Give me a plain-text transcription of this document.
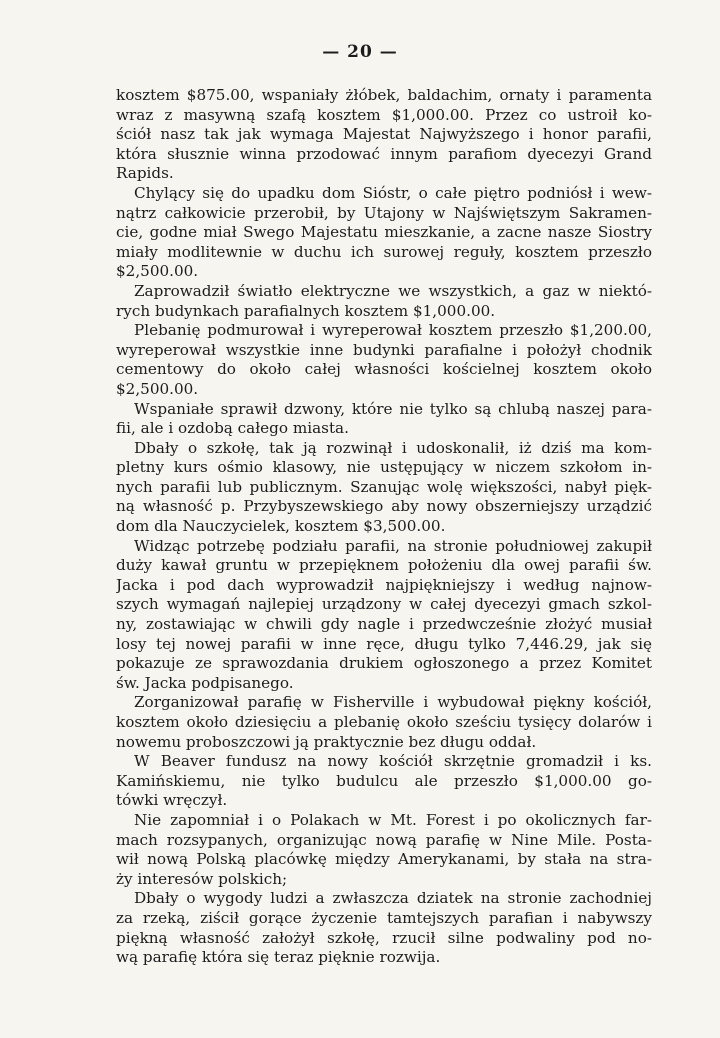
— 20 —
kosztem $875.00, wspaniały żłóbek, baldachim, ornaty i paramenta
wraz z masywną szafą kosztem $1,000.00. Przez co ustroił ko-
ściół nasz tak jak wymaga Majestat Najwyższego i honor parafii,
która słusznie winna przodować innym parafiom dyecezyi Grand
Rapids.
Chylący się do upadku dom Sióstr, o całe piętro podniósł i wew-
nątrz całkowicie przerobił, by Utajony w Najświętszym Sakramen-
cie, godne miał Swego Majestatu mieszkanie, a zacne nasze Siostry
miały modlitewnie w duchu ich surowej reguły, kosztem przeszło
$2,500.00.
Zaprowadził światło elektryczne we wszystkich, a gaz w niektó-
rych budynkach parafialnych kosztem $1,000.00.
Plebanię podmurował i wyreperował kosztem przeszło $1,200.00,
wyreperował wszystkie inne budynki parafialne i położył chodnik
cementowy do około całej własności kościelnej kosztem około
$2,500.00.
Wspaniałe sprawił dzwony, które nie tylko są chlubą naszej para-
fii, ale i ozdobą całego miasta.
Dbały o szkołę, tak ją rozwinął i udoskonalił, iż dziś ma kom-
pletny kurs ośmio klasowy, nie ustępujący w niczem szkołom in-
nych parafii lub publicznym. Szanując wolę większości, nabył pięk-
ną własność p. Przybyszewskiego aby nowy obszerniejszy urządzić
dom dla Nauczycielek, kosztem $3,500.00.
Widząc potrzebę podziału parafii, na stronie południowej zakupił
duży kawał gruntu w przepięknem położeniu dla owej parafii św.
Jacka i pod dach wyprowadził najpiękniejszy i według najnow-
szych wymagań najlepiej urządzony w całej dyecezyi gmach szkol-
ny, zostawiając w chwili gdy nagle i przedwcześnie złożyć musiał
losy tej nowej parafii w inne ręce, długu tylko 7,446.29, jak się
pokazuje ze sprawozdania drukiem ogłoszonego a przez Komitet
św. Jacka podpisanego.
Zorganizował parafię w Fisherville i wybudował piękny kościół,
kosztem około dziesięciu a plebanię około sześciu tysięcy dolarów i
nowemu proboszczowi ją praktycznie bez długu oddał.
W Beaver fundusz na nowy kościół skrzętnie gromadził i ks.
Kamińskiemu, nie tylko budulcu ale przeszło $1,000.00 go-
tówki wręczył.
Nie zapomniał i o Polakach w Mt. Forest i po okolicznych far-
mach rozsypanych, organizując nową parafię w Nine Mile. Posta-
wił nową Polską placówkę między Amerykanami, by stała na stra-
ży interesów polskich;
Dbały o wygody ludzi a zwłaszcza dziatek na stronie zachodniej
za rzeką, ziścił gorące życzenie tamtejszych parafian i nabywszy
piękną własność założył szkołę, rzucił silne podwaliny pod no-
wą parafię która się teraz pięknie rozwija.
